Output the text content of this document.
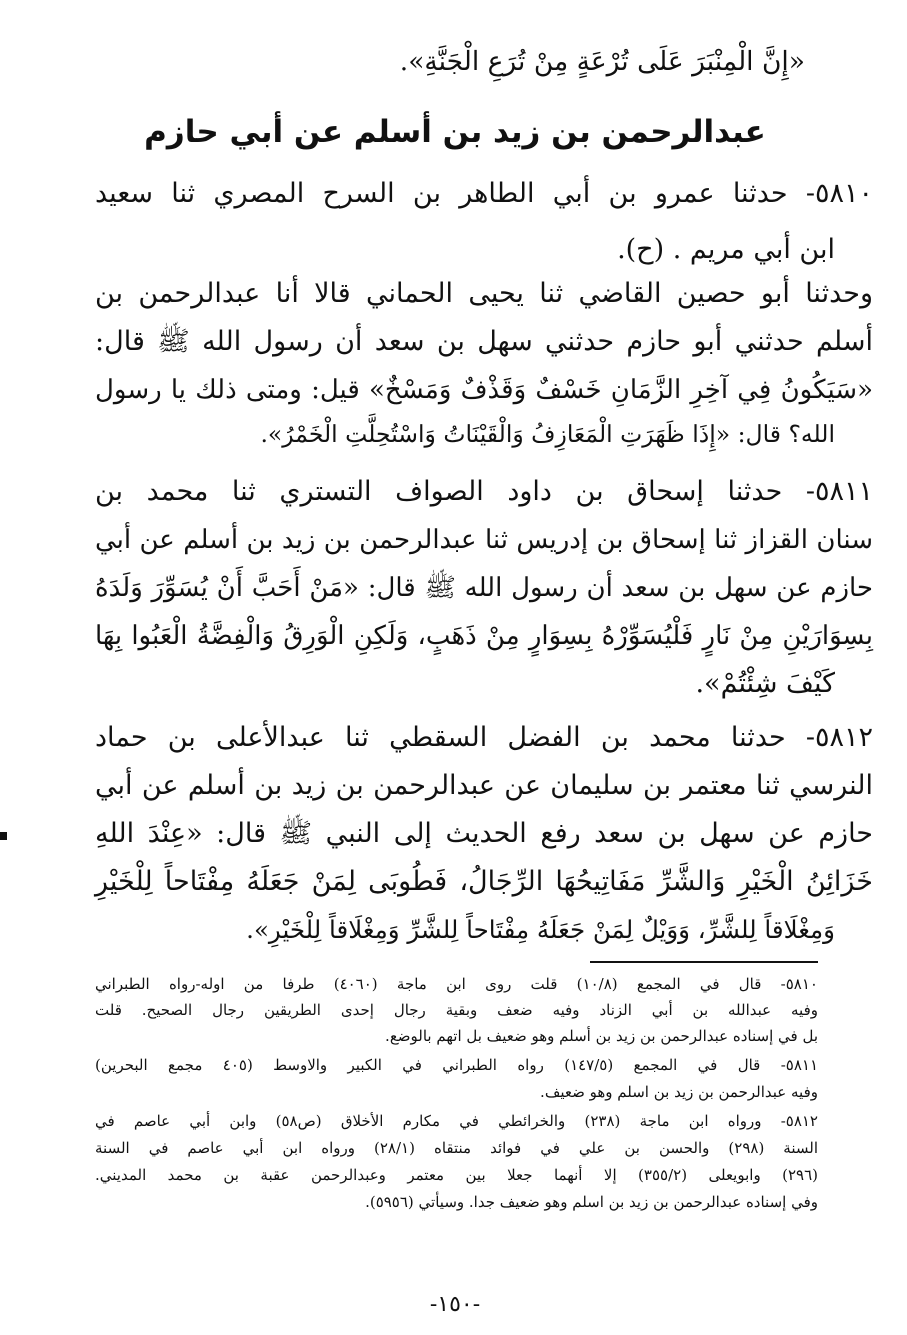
«إِنَّ الْمِنْبَرَ عَلَى تُرْعَةٍ مِنْ تُرَعِ الْجَنَّةِ».
عبدالرحمن بن زيد بن أسلم عن أبي حازم
٥٨١٠- حدثنا عمرو بن أبي الطاهر بن السرح المصري ثنا سعيد
ابن أبي مريم . (ح).
وحدثنا أبو حصين القاضي ثنا يحيى الحماني قالا أنا عبدالرحمن بن
أسلم حدثني أبو حازم حدثني سهل بن سعد أن رسول الله ﷺ قال:
«سَيَكُونُ فِي آخِرِ الزَّمَانِ خَسْفٌ وَقَذْفٌ وَمَسْخٌ» قيل: ومتى ذلك يا رسول
الله؟ قال: «إِذَا ظَهَرَتِ الْمَعَازِفُ وَالْقَيْنَاتُ وَاسْتُحِلَّتِ الْخَمْرُ».
٥٨١١- حدثنا إسحاق بن داود الصواف التستري ثنا محمد بن
سنان القزاز ثنا إسحاق بن إدريس ثنا عبدالرحمن بن زيد بن أسلم عن أبي
حازم عن سهل بن سعد أن رسول الله ﷺ قال: «مَنْ أَحَبَّ أَنْ يُسَوِّرَ وَلَدَهُ
بِسِوَارَيْنِ مِنْ نَارٍ فَلْيُسَوِّرْهُ بِسِوَارٍ مِنْ ذَهَبٍ، وَلَكِنِ الْوَرِقُ وَالْفِضَّةُ الْعَبُوا بِهَا
كَيْفَ شِئْتُمْ».
٥٨١٢- حدثنا محمد بن الفضل السقطي ثنا عبدالأعلى بن حماد
النرسي ثنا معتمر بن سليمان عن عبدالرحمن بن زيد بن أسلم عن أبي
حازم عن سهل بن سعد رفع الحديث إلى النبي ﷺ قال: «عِنْدَ اللهِ
خَزَائِنُ الْخَيْرِ وَالشَّرِّ مَفَاتِيحُهَا الرِّجَالُ، فَطُوبَى لِمَنْ جَعَلَهُ مِفْتَاحاً لِلْخَيْرِ
وَمِغْلَاقاً لِلشَّرِّ، وَوَيْلٌ لِمَنْ جَعَلَهُ مِفْتَاحاً لِلشَّرِّ وَمِغْلَاقاً لِلْخَيْرِ».
٥٨١٠- قال في المجمع (١٠/٨) قلت روى ابن ماجة (٤٠٦٠) طرفا من اوله-رواه الطبراني
وفيه عبدالله بن أبي الزناد وفيه ضعف وبقية رجال إحدى الطريقين رجال الصحيح. قلت
بل في إسناده عبدالرحمن بن زيد بن أسلم وهو ضعيف بل اتهم بالوضع.
٥٨١١- قال في المجمع (١٤٧/٥) رواه الطبراني في الكبير والاوسط (٤٠٥ مجمع البحرين)
وفيه عبدالرحمن بن زيد بن اسلم وهو ضعيف.
٥٨١٢- ورواه ابن ماجة (٢٣٨) والخرائطي في مكارم الأخلاق (ص٥٨) وابن أبي عاصم في
السنة (٢٩٨) والحسن بن علي في فوائد منتقاه (٢٨/١) ورواه ابن أبي عاصم في السنة
(٢٩٦) وابويعلى (٣٥٥/٢) إلا أنهما جعلا بين معتمر وعبدالرحمن عقبة بن محمد المديني.
وفي إسناده عبدالرحمن بن زيد بن اسلم وهو ضعيف جدا. وسيأتي (٥٩٥٦).
-١٥٠-
